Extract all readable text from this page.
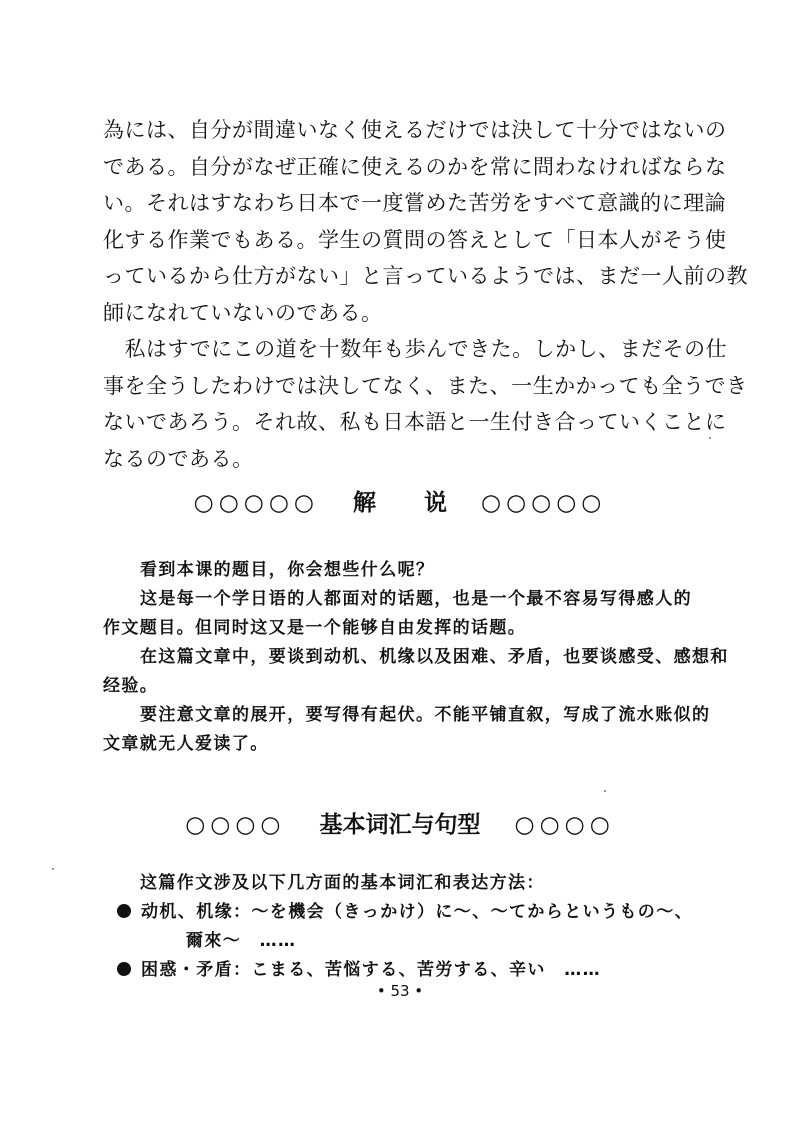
為には、自分が間違いなく使えるだけでは決して十分ではないの
である。自分がなぜ正確に使えるのかを常に問わなければならな
い。それはすなわち日本で一度嘗めた苦労をすべて意識的に理論
化する作業でもある。学生の質問の答えとして「日本人がそう使
っているから仕方がない」と言っているようでは、まだ一人前の教
師になれていないのである。
　私はすでにこの道を十数年も歩んできた。しかし、まだその仕
事を全うしたわけでは決してなく、また、一生かかっても全うでき
ないであろう。それ故、私も日本語と一生付き合っていくことに
なるのである。
○○○○○ 解 说 ○○○○○

看到本课的题目，你会想些什么呢？

这是每一个学日语的人都面对的话题，也是一个最不容易写得感人的

作文题目。但同时这又是一个能够自由发挥的话题。

在这篇文章中，要谈到动机、机缘以及困难、矛盾，也要谈感受、感想和

经验。

要注意文章的展开，要写得有起伏。不能平铺直叙，写成了流水账似的

文章就无人爱读了。

○○○○ 基本词汇与句型 ○○○○

这篇作文涉及以下几方面的基本词汇和表达方法：

动机、机缘：～を機会（きっかけ）に～、～てからというもの～、

爾來～　……

困惑・矛盾：こまる、苦悩する、苦労する、辛い　……

• 53 •
